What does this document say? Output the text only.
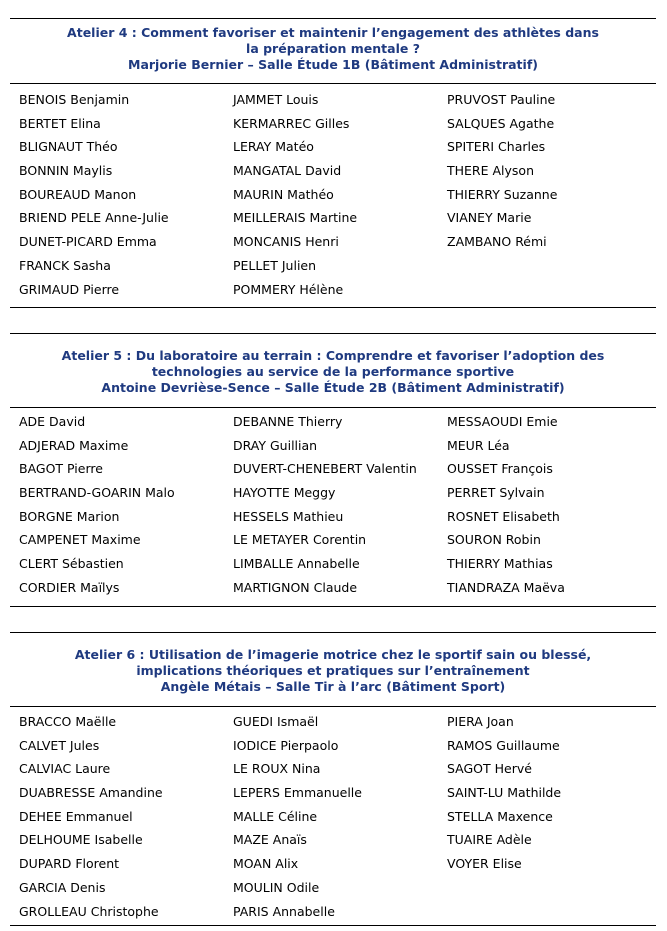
Atelier 4 : Comment favoriser et maintenir l’engagement des athlètes dans
la préparation mentale ?
Marjorie Bernier – Salle Étude 1B (Bâtiment Administratif)
BENOIS Benjamin
BERTET Elina
BLIGNAUT Théo
BONNIN Maylis
BOUREAUD Manon
BRIEND PELE Anne-Julie
DUNET-PICARD Emma
FRANCK Sasha
GRIMAUD Pierre
JAMMET Louis
KERMARREC Gilles
LERAY Matéo
MANGATAL David
MAURIN Mathéo
MEILLERAIS Martine
MONCANIS Henri
PELLET Julien
POMMERY Hélène
PRUVOST Pauline
SALQUES Agathe
SPITERI Charles
THERE Alyson
THIERRY Suzanne
VIANEY Marie
ZAMBANO Rémi
Atelier 5 : Du laboratoire au terrain : Comprendre et favoriser l’adoption des
technologies au service de la performance sportive
Antoine Devrièse-Sence – Salle Étude 2B (Bâtiment Administratif)
ADE David
ADJERAD Maxime
BAGOT Pierre
BERTRAND-GOARIN Malo
BORGNE Marion
CAMPENET Maxime
CLERT Sébastien
CORDIER Maïlys
DEBANNE Thierry
DRAY Guillian
DUVERT-CHENEBERT Valentin
HAYOTTE Meggy
HESSELS Mathieu
LE METAYER Corentin
LIMBALLE Annabelle
MARTIGNON Claude
MESSAOUDI Emie
MEUR Léa
OUSSET François
PERRET Sylvain
ROSNET Elisabeth
SOURON Robin
THIERRY Mathias
TIANDRAZA Maëva
Atelier 6 : Utilisation de l’imagerie motrice chez le sportif sain ou blessé,
implications théoriques et pratiques sur l’entraînement
Angèle Métais – Salle Tir à l’arc (Bâtiment Sport)
BRACCO Maëlle
CALVET Jules
CALVIAC Laure
DUABRESSE Amandine
DEHEE Emmanuel
DELHOUME Isabelle
DUPARD Florent
GARCIA Denis
GROLLEAU Christophe
GUEDI Ismaël
IODICE Pierpaolo
LE ROUX Nina
LEPERS Emmanuelle
MALLE Céline
MAZE Anaïs
MOAN Alix
MOULIN Odile
PARIS Annabelle
PIERA Joan
RAMOS Guillaume
SAGOT Hervé
SAINT-LU Mathilde
STELLA Maxence
TUAIRE Adèle
VOYER Elise
